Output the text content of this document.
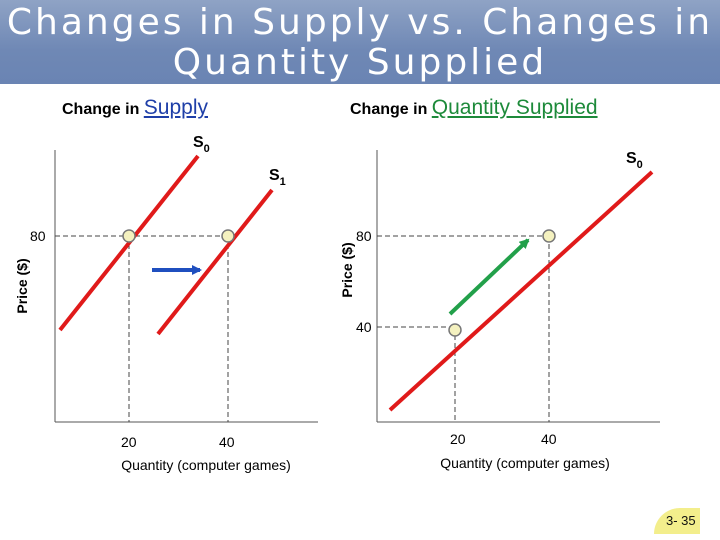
Changes in Supply vs. Changes in
Quantity Supplied
Change in Supply	Change in Quantity Supplied
$S_0$
$S_1$
80
20	40
Quantity (computer games)
Price ($)
$S_0$
80
40
20	40
Quantity (computer games)
Price ($)
3- 35
